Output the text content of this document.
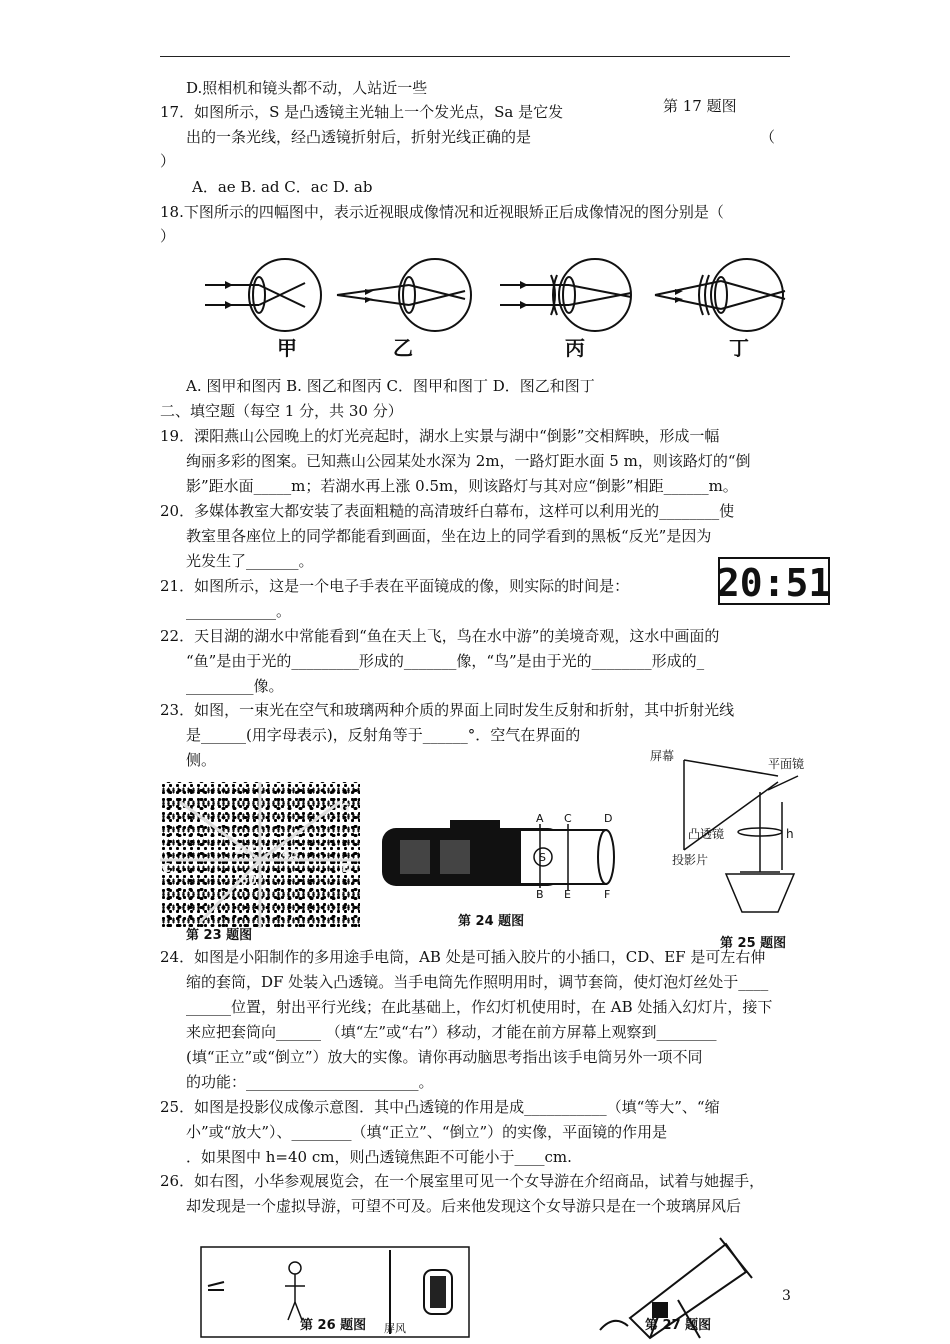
D.照相机和镜头都不动，人站近一些
第 17 题图
17．如图所示，S 是凸透镜主光轴上一个发光点，Sa 是它发
出的一条光线，经凸透镜折射后，折射光线正确的是	（
）
A．ae B. ad C．ac D. ab
18.下图所示的四幅图中，表示近视眼成像情况和近视眼矫正后成像情况的图分别是（
）
甲	乙	丙	丁
A. 图甲和图丙 B. 图乙和图丙 C．图甲和图丁 D．图乙和图丁
二、填空题（每空 1 分，共 30 分）
19．溧阳燕山公园晚上的灯光亮起时，湖水上实景与湖中“倒影”交相辉映，形成一幅
绚丽多彩的图案。已知燕山公园某处水深为 2m，一路灯距水面 5 m，则该路灯的“倒
影”距水面_____m；若湖水再上涨 0.5m，则该路灯与其对应“倒影”相距______m。
20．多媒体教室大都安装了表面粗糙的高清玻纤白幕布，这样可以利用光的________使
教室里各座位上的同学都能看到画面，坐在边上的同学看到的黑板“反光”是因为
光发生了_______。
21．如图所示，这是一个电子手表在平面镜成的像，则实际的时间是：
____________。
20:51
22．天目湖的湖水中常能看到“鱼在天上飞，鸟在水中游”的美境奇观，这水中画面的
“鱼”是由于光的_________形成的_______像，“鸟”是由于光的________形成的_
_________像。
23．如图，一束光在空气和玻璃两种介质的界面上同时发生反射和折射，其中折射光线
是______(用字母表示)，反射角等于______°．空气在界面的
侧。
30°
60°
45
G
C	D
第 23 题图
A C	D
B E	F
S
第 24 题图
屏幕
平面镜
凸透镜
投影片
h
第 25 题图
24．如图是小阳制作的多用途手电筒，AB 处是可插入胶片的小插口，CD、EF 是可左右伸
缩的套筒，DF 处装入凸透镜。当手电筒先作照明用时，调节套筒，使灯泡灯丝处于____
______位置，射出平行光线；在此基础上，作幻灯机使用时，在 AB 处插入幻灯片，接下
来应把套筒向______ （填“左”或“右”）移动，才能在前方屏幕上观察到________
(填“正立”或“倒立”）放大的实像。请你再动脑思考指出该手电筒另外一项不同
的功能：_______________________。
25．如图是投影仪成像示意图．其中凸透镜的作用是成___________（填“等大”、“缩
小”或“放大”）、________（填“正立”、“倒立”）的实像，平面镜的作用是
．如果图中 h=40 cm，则凸透镜焦距不可能小于____cm.
26．如右图，小华参观展览会，在一个展室里可见一个女导游在介绍商品，试着与她握手，
却发现是一个虚拟导游，可望不可及。后来他发现这个女导游只是在一个玻璃屏风后
屏风
第 26 题图	第 27 题图
3
